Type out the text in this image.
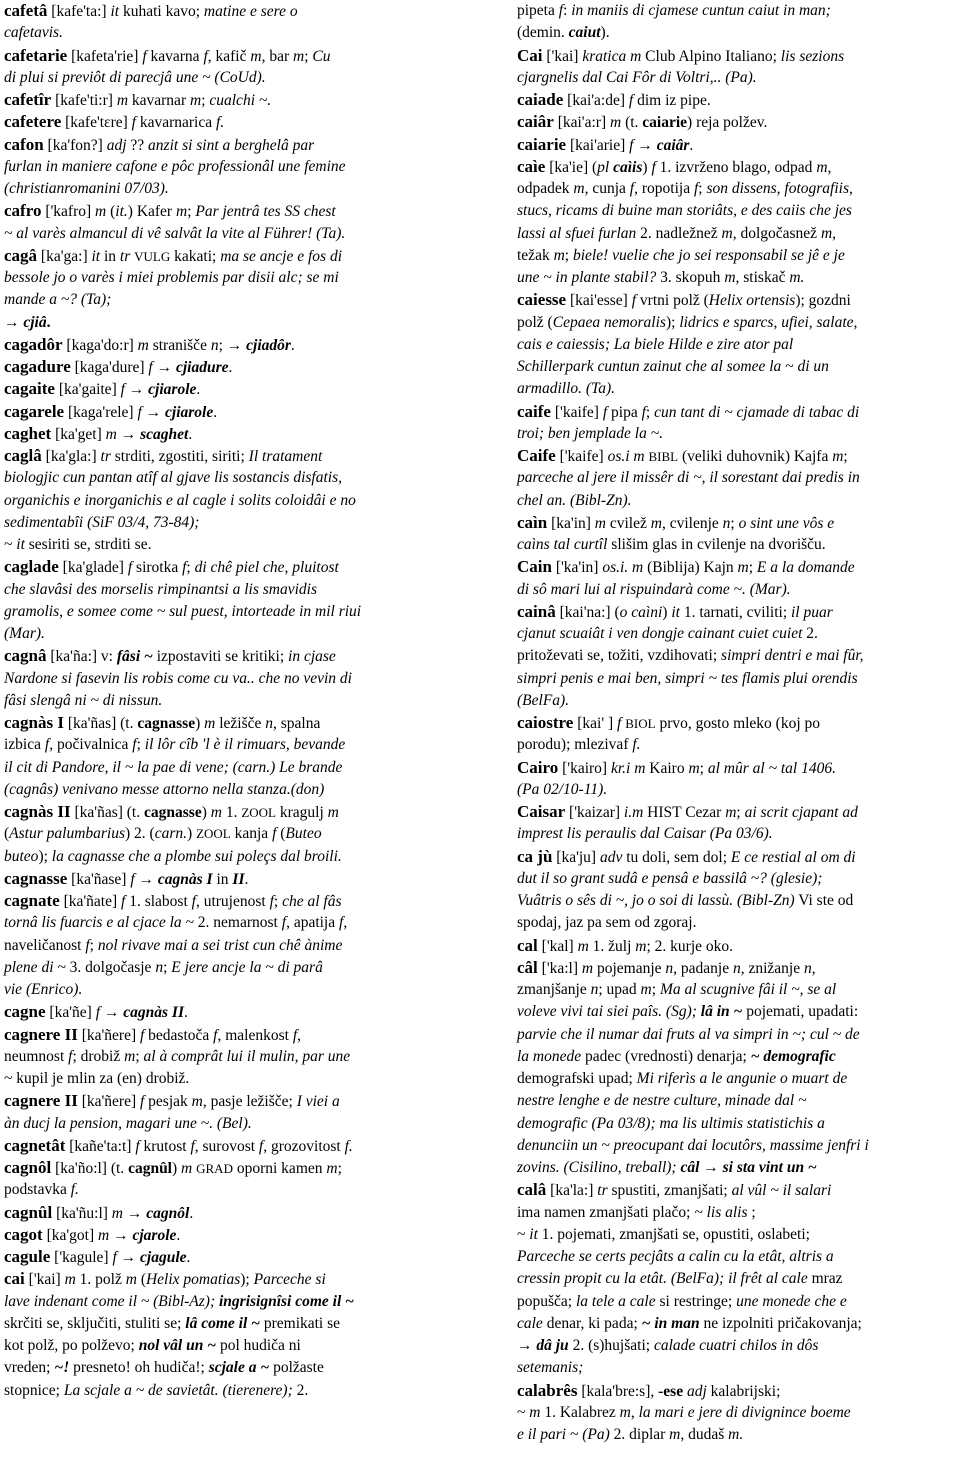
cafetâ [kafe'ta:] it kuhati kavo; matine e sere o
cafetavis.
cafetarie [kafeta'rie] f kavarna f, kafič m, bar m; Cu
di plui si previôt di parecjâ une ~ (CoUd).
cafetîr [kafe'ti:r] m kavarnar m; cualchi ~.
cafetere [kafe'tɛre] f kavarnarica f.
cafon [ka'fon?] adj ?? anzit si sint a berghelâ par
furlan in maniere cafone e pôc professionâl une femine
(christianromanini 07/03).
cafro ['kafro] m (it.) Kafer m; Par jentrâ tes SS chest
~ al varès almancul di vê salvât la vite al Führer! (Ta).
cagâ [ka'ga:] it in tr VULG kakati; ma se ancje e fos di
bessole jo o varès i miei problemis par disii alc; se mi
mande a ~? (Ta);
→ cjiâ.
cagadôr [kaga'do:r] m stranišče n; → cjiadôr.
cagadure [kaga'dure] f → cjiadure.
cagaite [ka'gaite] f → cjiarole.
cagarele [kaga'rele] f → cjiarole.
caghet [ka'get] m → scaghet.
caglâ [ka'gla:] tr strditi, zgostiti, siriti; Il tratament
biologjic cun pantan atîf al gjave lis sostancis disfatis,
organichis e inorganichis e al cagle i solits coloidâi e no
sedimentabîi (SiF 03/4, 73-84);
~ it sesiriti se, strditi se.
caglade [ka'glade] f sirotka f; di chê piel che, pluitost
che slavâsi des morselis rimpinantsi a lis smavidis
gramolis, e somee come ~ sul puest, intorteade in mil riui
(Mar).
cagnâ [ka'ña:] v: fâsi ~ izpostaviti se kritiki; in cjase
Nardone si fasevin lis robis come cu va.. che no vevin di
fâsi slengâ ni ~ di nissun.
cagnàs I [ka'ñas] (t. cagnasse) m ležišče n, spalna
izbica f, počivalnica f; il lôr cîb 'l è il rimuars, bevande
il cit di Pandore, il ~ la pae di vene; (carn.) Le brande
(cagnâs) venivano messe attorno nella stanza.(don)
cagnàs II [ka'ñas] (t. cagnasse) m 1. ZOOL kragulj m
(Astur palumbarius) 2. (carn.) ZOOL kanja f (Buteo
buteo); la cagnasse che a plombe sui poleçs dal broili.
cagnasse [ka'ñase] f → cagnàs I in II.
cagnate [ka'ñate] f 1. slabost f, utrujenost f; che al fâs
tornâ lis fuarcis e al cjace la ~ 2. nemarnost f, apatija f,
naveličanost f; nol rivave mai a sei trist cun chê ànime
plene di ~ 3. dolgočasje n; E jere ancje la ~ di parâ
vie (Enrico).
cagne [ka'ñe] f → cagnàs II.
cagnere II [ka'ñere] f bedastoča f, malenkost f,
neumnost f; drobiž m; al à comprât lui il mulin, par une
~ kupil je mlin za (en) drobiž.
cagnere II [ka'ñere] f pesjak m, pasje ležišče; I viei a
àn ducj la pension, magari une ~. (Bel).
cagnetât [kañe'ta:t] f krutost f, surovost f, grozovitost f.
cagnôl [ka'ño:l] (t. cagnûl) m GRAD oporni kamen m;
podstavka f.
cagnûl [ka'ñu:l] m → cagnôl.
cagot [ka'got] m → cjarole.
cagule ['kagule] f → cjagule.
cai ['kai] m 1. polž m (Helix pomatias); Parceche si
lave indenant come il ~ (Bibl-Az); ingrisignîsi come il ~
skrčiti se, sključiti, stuliti se; lâ come il ~ premikati se
kot polž, po polževo; nol vâl un ~ pol hudiča ni
vreden; ~! presneto! oh hudiča!; scjale a ~ polžaste
stopnice; La scjale a ~ de savietât. (tierenere); 2.
pipeta f: in maniis di cjamese cuntun caiut in man;
(demin. caiut).
Cai ['kai] kratica m Club Alpino Italiano; lis sezions
cjargnelis dal Cai Fôr di Voltri,.. (Pa).
caiade [kai'a:de] f dim iz pipe.
caiâr [kai'a:r] m (t. caiarie) reja polžev.
caiarie [kai'arie] f → caiâr.
caìe [ka'ie] (pl caìis) f 1. izvrženo blago, odpad m,
odpadek m, cunja f, ropotija f; son dissens, fotografiis,
stucs, ricams di buine man storiâts, e des caiis che jes
lassi al sfuei furlan 2. nadležnež m, dolgočasnež m,
težak m; biele! vuelie che jo sei responsabil se jê e je
une ~ in plante stabil? 3. skopuh m, stiskač m.
caiesse [kai'esse] f vrtni polž (Helix ortensis); gozdni
polž (Cepaea nemoralis); lidrics e sparcs, ufiei, salate,
cais e caiessis; La biele Hilde e zire ator pal
Schillerpark cuntun zainut che al somee la ~ di un
armadillo. (Ta).
caife ['kaife] f pipa f; cun tant di ~ cjamade di tabac di
troi; ben jemplade la ~.
Caife ['kaife] os.i m BIBL (veliki duhovnik) Kajfa m;
parceche al jere il missêr di ~, il sorestant dai predis in
chel an. (Bibl-Zn).
caìn [ka'in] m cvilež m, cvilenje n; o sint une vôs e
caìns tal curtîl slišim glas in cvilenje na dvorišču.
Cain ['ka'in] os.i. m (Biblija) Kajn m; E a la domande
di sô mari lui al rispuindarà come ~. (Mar).
cainâ [kai'na:] (o caìni) it 1. tarnati, cviliti; il puar
cjanut scuaiât i ven dongje cainant cuiet cuiet 2.
pritoževati se, tožiti, vzdihovati; simpri dentri e mai fûr,
simpri penis e mai ben, simpri ~ tes flamis plui orendis
(BelFa).
caiostre [kai' ] f BIOL prvo, gosto mleko (koj po
porodu); mlezivaf f.
Cairo ['kairo] kr.i m Kairo m; al mûr al ~ tal 1406.
(Pa 02/10-11).
Caisar ['kaizar] i.m HIST Cezar m; ai scrit cjapant ad
imprest lis peraulis dal Caisar (Pa 03/6).
ca jù [ka'ju] adv tu doli, sem dol; E ce restial al om di
dut il so grant sudâ e pensâ e bassilâ ~? (glesie);
Vuâtris o sês di ~, jo o soi di lassù. (Bibl-Zn) Vi ste od
spodaj, jaz pa sem od zgoraj.
cal ['kal] m 1. žulj m; 2. kurje oko.
câl ['ka:l] m pojemanje n, padanje n, znižanje n,
zmanjšanje n; upad m; Ma al scugnive fâi il ~, se al
voleve vivi tai siei paîs. (Sg); lâ in ~ pojemati, upadati:
parvie che il numar dai fruts al va simpri in ~; cul ~ de
la monede padec (vrednosti) denarja; ~ demografic
demografski upad; Mi riferìs a le angunie o muart de
nestre lenghe e de nestre culture, minade dal ~
demografic (Pa 03/8); ma lis ultimis statistichis a
denunciin un ~ preocupant dai locutôrs, massime jenfri i
zovins. (Cisilino, treball); câl → si sta vint un ~
calâ [ka'la:] tr spustiti, zmanjšati; al vûl ~ il salari
ima namen zmanjšati plačo; ~ lis alis ;
~ it 1. pojemati, zmanjšati se, opustiti, oslabeti;
Parceche se certs pecjâts a calin cu la etât, altris a
cressin propit cu la etât. (BelFa); il frêt al cale mraz
popušča; la tele a cale si restringe; une monede che e
cale denar, ki pada; ~ in man ne izpolniti pričakovanja;
→ dâ ju 2. (s)hujšati; calade cuatri chilos in dôs
setemanis;
calabrês [kala'bre:s], -ese adj kalabrijski;
~ m 1. Kalabrez m, la mari e jere di divignince boeme
e il pari ~ (Pa) 2. diplar m, dudaš m.
